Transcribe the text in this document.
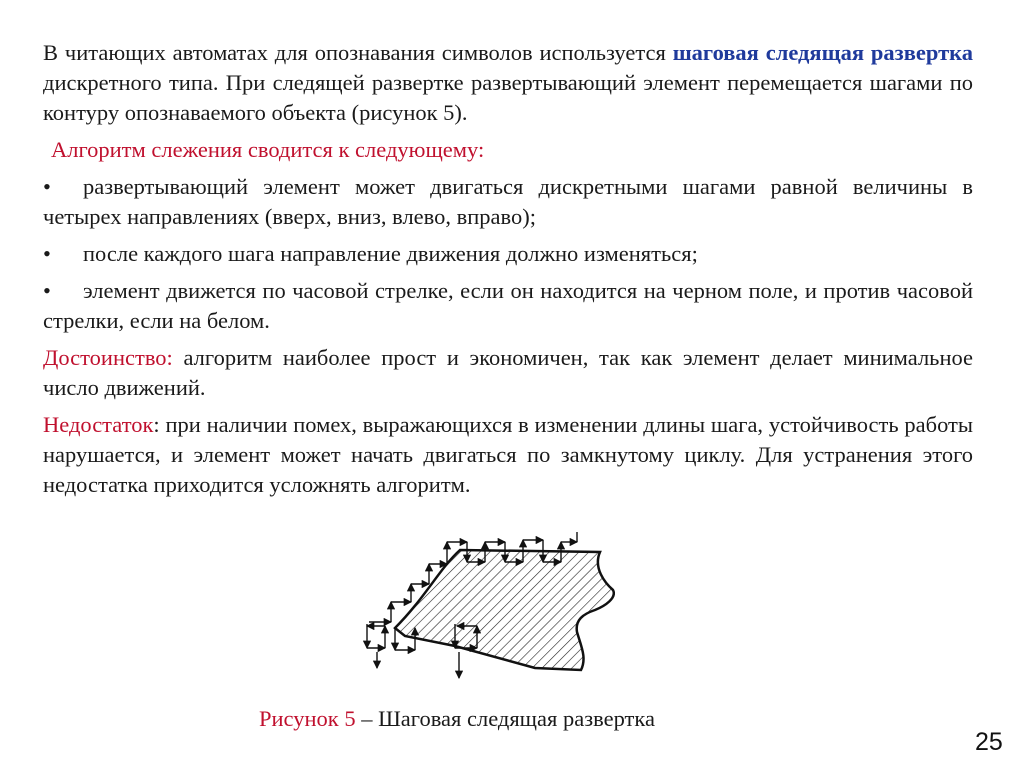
В читающих автоматах для опознавания символов используется шаговая следящая развертка дискретного типа. При следящей развертке развертывающий элемент перемещается шагами по контуру опознаваемого объекта (рисунок 5).

Алгоритм слежения сводится к следующему:

• развертывающий элемент может двигаться дискретными шагами равной величины в четырех направлениях (вверх, вниз, влево, вправо);
• после каждого шага направление движения должно изменяться;
• элемент движется по часовой стрелке, если он находится на черном поле, и против часовой стрелки, если на белом.

Достоинство: алгоритм наиболее прост и экономичен, так как элемент делает минимальное число движений.

Недостаток: при наличии помех, выражающихся в изменении длины шага, устойчивость работы нарушается, и элемент может начать двигаться по замкнутому циклу. Для устранения этого недостатка приходится усложнять алгоритм.

Рисунок 5 – Шаговая следящая развертка
25
